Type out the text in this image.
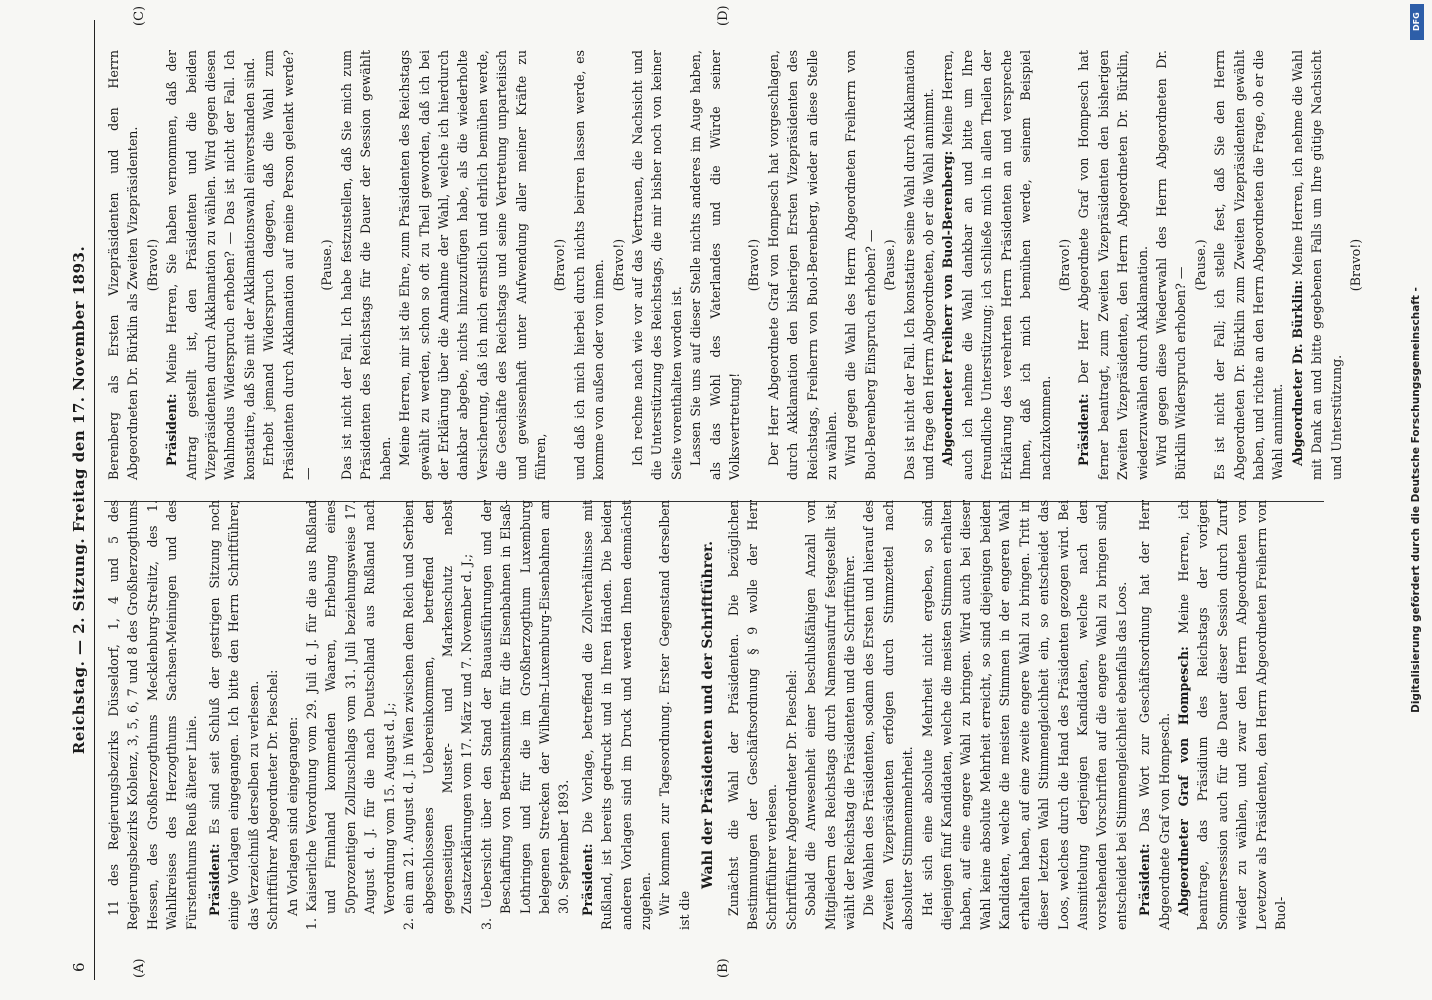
6
Reichstag. — 2. Sitzung. Freitag den 17. November 1893.
(A)	(B)
(C)	(D)

11 des Regierungsbezirks Düsseldorf, 1, 4 und 5 des Regierungsbezirks Koblenz, 3, 5, 6, 7 und 8 des Großherzogthums Hessen, des Großherzogthums Mecklenburg-Strelitz, des 1. Wahlkreises des Herzogthums Sachsen-Meiningen und des Fürstenthums Reuß älterer Linie. Präsident: Es sind seit Schluß der gestrigen Sitzung noch einige Vorlagen eingegangen. Ich bitte den Herrn Schriftführer, das Verzeichniß derselben zu verlesen. Schriftführer Abgeordneter Dr. Pieschel: An Vorlagen sind eingegangen: 1. Kaiserliche Verordnung vom 29. Juli d. J. für die aus Rußland und Finnland kommenden Waaren, Erhebung eines 50prozentigen Zollzuschlags vom 31. Juli beziehungsweise 17. August d. J. für die nach Deutschland aus Rußland nach Verordnung vom 15. August d. J.; 2. ein am 21. August d. J. in Wien zwischen dem Reich und Serbien abgeschlossenes Uebereinkommen, betreffend den gegenseitigen Muster- und Markenschutz nebst Zusatzerklärungen vom 17. März und 7. November d. J.; 3. Uebersicht über den Stand der Bauausführungen und der Beschaffung von Betriebsmitteln für die Eisenbahnen in Elsaß-Lothringen und für die im Großherzogthum Luxemburg belegenen Strecken der Wilhelm-Luxemburg-Eisenbahnen am 30. September 1893. Präsident: Die Vorlage, betreffend die Zollverhältnisse mit Rußland, ist bereits gedruckt und in Ihren Händen. Die beiden anderen Vorlagen sind im Druck und werden Ihnen demnächst zugehen. Wir kommen zur Tagesordnung. Erster Gegenstand derselben ist die

Wahl der Präsidenten und der Schriftführer. Zunächst die Wahl der Präsidenten. Die bezüglichen Bestimmungen der Geschäftsordnung § 9 wolle der Herr Schriftführer verlesen. Schriftführer Abgeordneter Dr. Pieschel: Sobald die Anwesenheit einer beschlußfähigen Anzahl von Mitgliedern des Reichstags durch Namensaufruf festgestellt ist, wählt der Reichstag die Präsidenten und die Schriftführer. Die Wahlen des Präsidenten, sodann des Ersten und hierauf des Zweiten Vizepräsidenten erfolgen durch Stimmzettel nach absoluter Stimmenmehrheit. Hat sich eine absolute Mehrheit nicht ergeben, so sind diejenigen fünf Kandidaten, welche die meisten Stimmen erhalten haben, auf eine engere Wahl zu bringen. Wird auch bei dieser Wahl keine absolute Mehrheit erreicht, so sind diejenigen beiden Kandidaten, welche die meisten Stimmen in der engeren Wahl erhalten haben, auf eine zweite engere Wahl zu bringen. Tritt in dieser letzten Wahl Stimmengleichheit ein, so entscheidet das Loos, welches durch die Hand des Präsidenten gezogen wird. Bei Ausmittelung derjenigen Kandidaten, welche nach den vorstehenden Vorschriften auf die engere Wahl zu bringen sind, entscheidet bei Stimmengleichheit ebenfalls das Loos. Präsident: Das Wort zur Geschäftsordnung hat der Herr Abgeordnete Graf von Hompesch. Abgeordneter Graf von Hompesch: Meine Herren, ich beantrage, das Präsidium des Reichstags der vorigen Sommersession auch für die Dauer dieser Session durch Zuruf wieder zu wählen, und zwar den Herrn Abgeordneten von Levetzow als Präsidenten, den Herrn Abgeordneten Freiherrn von Buol-

Berenberg als Ersten Vizepräsidenten und den Herrn Abgeordneten Dr. Bürklin als Zweiten Vizepräsidenten. (Bravo!)

Präsident: Meine Herren, Sie haben vernommen, daß der Antrag gestellt ist, den Präsidenten und die beiden Vizepräsidenten durch Akklamation zu wählen. Wird gegen diesen Wahlmodus Widerspruch erhoben? — Das ist nicht der Fall. Ich konstatire, daß Sie mit der Akklamationswahl einverstanden sind. Erhebt jemand Widerspruch dagegen, daß die Wahl zum Präsidenten durch Akklamation auf meine Person gelenkt werde? —

(Pause.) Das ist nicht der Fall. Ich habe festzustellen, daß Sie mich zum Präsidenten des Reichstags für die Dauer der Session gewählt haben. Meine Herren, mir ist die Ehre, zum Präsidenten des Reichstags gewählt zu werden, schon so oft zu Theil geworden, daß ich bei der Erklärung über die Annahme der Wahl, welche ich hierdurch dankbar abgebe, nichts hinzuzufügen habe, als die wiederholte Versicherung, daß ich mich ernstlich und ehrlich bemühen werde, die Geschäfte des Reichstags und seine Vertretung unparteiisch und gewissenhaft unter Aufwendung aller meiner Kräfte zu führen,

(Bravo!) und daß ich mich hierbei durch nichts beirren lassen werde, es komme von außen oder von innen. (Bravo!) Ich rechne nach wie vor auf das Vertrauen, die Nachsicht und die Unterstützung des Reichstags, die mir bisher noch von keiner Seite vorenthalten worden ist. Lassen Sie uns auf dieser Stelle nichts anderes im Auge haben, als das Wohl des Vaterlandes und die Würde seiner Volksvertretung!

(Bravo!) Der Herr Abgeordnete Graf von Hompesch hat vorgeschlagen, durch Akklamation den bisherigen Ersten Vizepräsidenten des Reichstags, Freiherrn von Buol-Berenberg, wieder an diese Stelle zu wählen. Wird gegen die Wahl des Herrn Abgeordneten Freiherrn von Buol-Berenberg Einspruch erhoben? — (Pause.) Das ist nicht der Fall. Ich konstatire seine Wahl durch Akklamation und frage den Herrn Abgeordneten, ob er die Wahl annimmt. Abgeordneter Freiherr von Buol-Berenberg: Meine Herren, auch ich nehme die Wahl dankbar an und bitte um Ihre freundliche Unterstützung; ich schließe mich in allen Theilen der Erklärung des verehrten Herrn Präsidenten an und verspreche Ihnen, daß ich mich bemühen werde, seinem Beispiel nachzukommen.

(Bravo!)

Präsident: Der Herr Abgeordnete Graf von Hompesch hat ferner beantragt, zum Zweiten Vizepräsidenten den bisherigen Zweiten Vizepräsidenten, den Herrn Abgeordneten Dr. Bürklin, wiederzuwählen durch Akklamation. Wird gegen diese Wiederwahl des Herrn Abgeordneten Dr. Bürklin Widerspruch erhoben? —

(Pause.) Es ist nicht der Fall; ich stelle fest, daß Sie den Herrn Abgeordneten Dr. Bürklin zum Zweiten Vizepräsidenten gewählt haben, und richte an den Herrn Abgeordneten die Frage, ob er die Wahl annimmt. Abgeordneter Dr. Bürklin: Meine Herren, ich nehme die Wahl mit Dank an und bitte gegebenen Falls um Ihre gütige Nachsicht und Unterstützung.

(Bravo!)

Digitalisierung gefördert durch die Deutsche Forschungsgemeinschaft -
DFG
